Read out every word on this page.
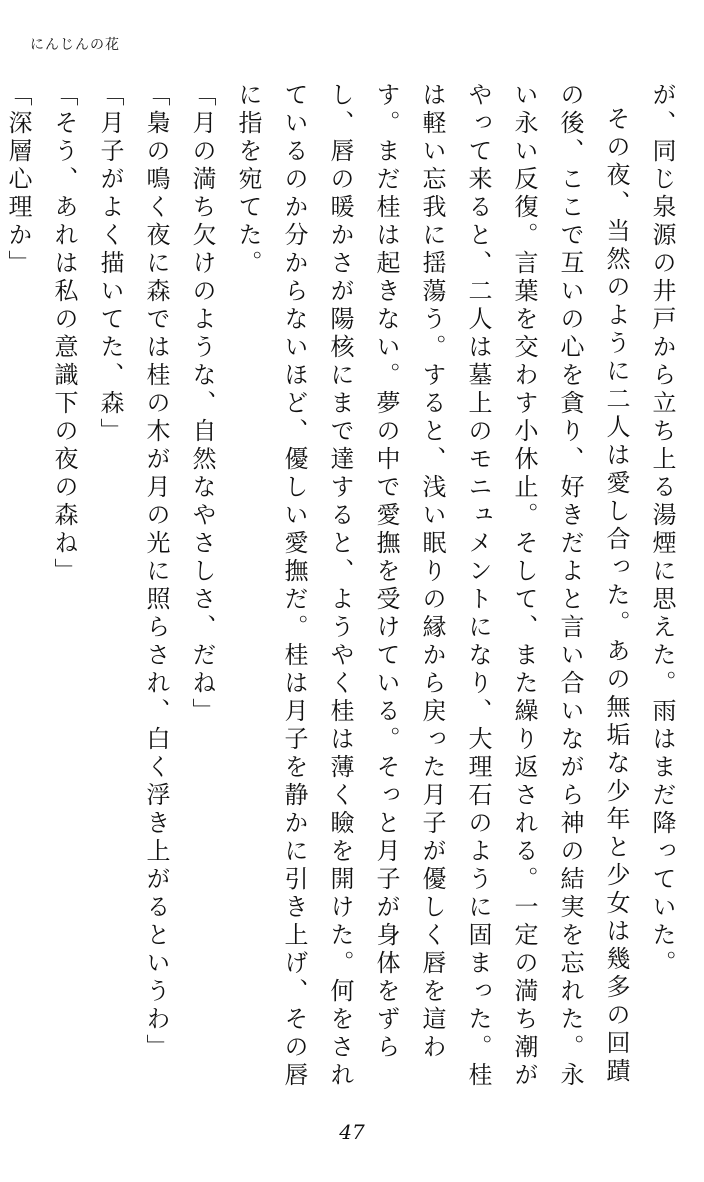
にんじんの花

が、同じ泉源の井戸から立ち上る湯煙に思えた。雨はまだ降っていた。

その夜、当然のように二人は愛し合った。あの無垢な少年と少女は幾多の回蹟の後、ここで互いの心を貪り、好きだよと言い合いながら神の結実を忘れた。永い永い反復。言葉を交わす小休止。そして、また繰り返される。一定の満ち潮がやって来ると、二人は墓上のモニュメントになり、大理石のように固まった。桂は軽い忘我に揺蕩う。すると、浅い眠りの縁から戻った月子が優しく唇を這わす。まだ桂は起きない。夢の中で愛撫を受けている。そっと月子が身体をずらし、唇の暖かさが陽核にまで達すると、ようやく桂は薄く瞼を開けた。何をされているのか分からないほど、優しい愛撫だ。桂は月子を静かに引き上げ、その唇に指を宛てた。

「月の満ち欠けのような、自然なやさしさ、だね」

「梟の鳴く夜に森では桂の木が月の光に照らされ、白く浮き上がるというわ」

「月子がよく描いてた、森」

「そう、あれは私の意識下の夜の森ね」

「深層心理か」

47
